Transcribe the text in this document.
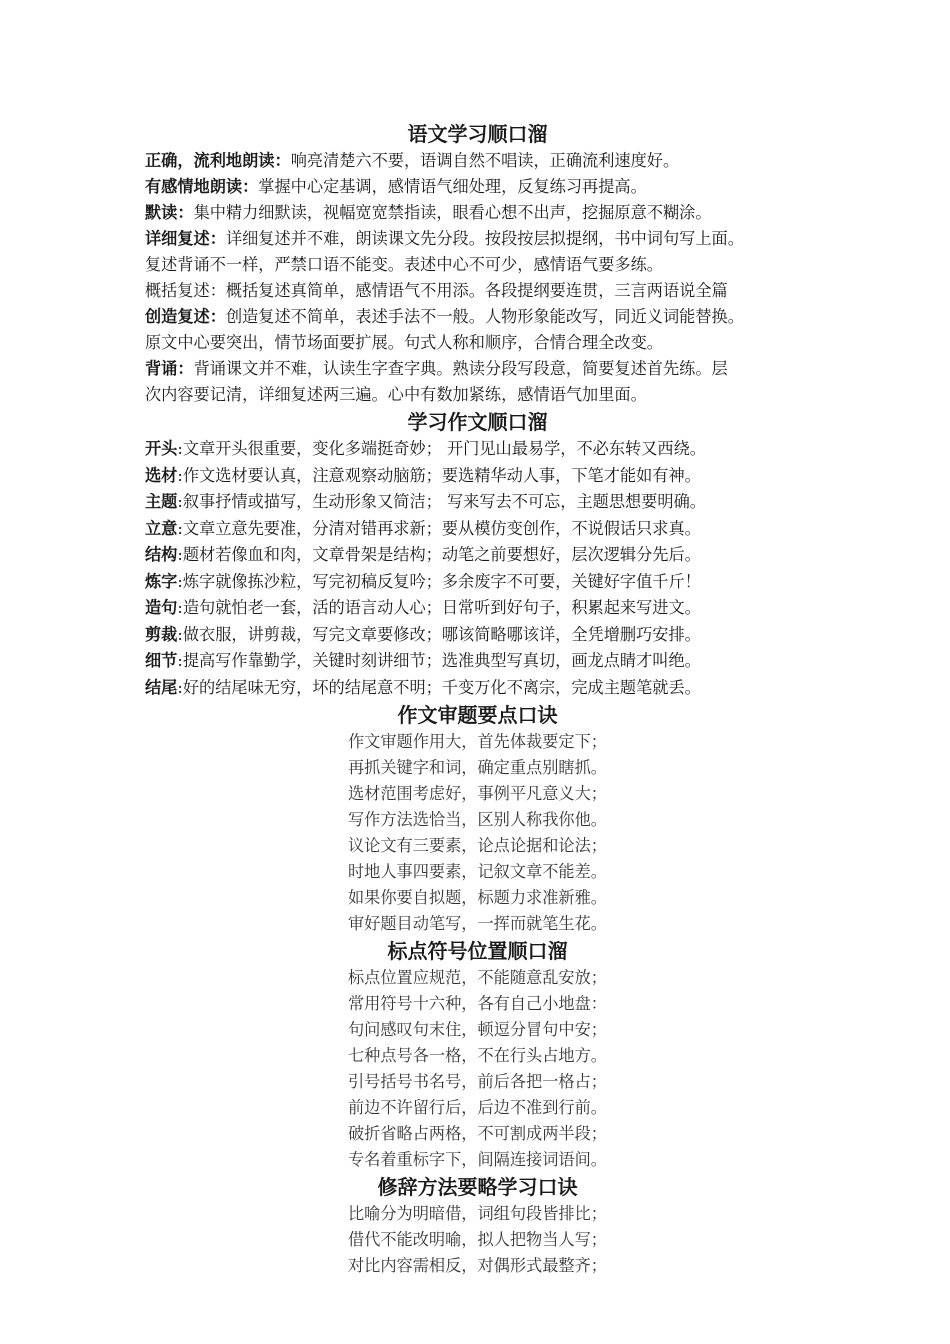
语文学习顺口溜
正确，流利地朗读：响亮清楚六不要，语调自然不唱读，正确流利速度好。
有感情地朗读：掌握中心定基调，感情语气细处理，反复练习再提高。
默读：集中精力细默读，视幅宽宽禁指读，眼看心想不出声，挖掘原意不糊涂。
详细复述：详细复述并不难，朗读课文先分段。按段按层拟提纲，书中词句写上面。
复述背诵不一样，严禁口语不能变。表述中心不可少，感情语气要多练。
概括复述：概括复述真简单，感情语气不用添。各段提纲要连贯，三言两语说全篇
创造复述：创造复述不简单，表述手法不一般。人物形象能改写，同近义词能替换。
原文中心要突出，情节场面要扩展。句式人称和顺序，合情合理全改变。
背诵：背诵课文并不难，认读生字查字典。熟读分段写段意，简要复述首先练。层
次内容要记清，详细复述两三遍。心中有数加紧练，感情语气加里面。
学习作文顺口溜
开头:文章开头很重要，变化多端挺奇妙； 开门见山最易学，不必东转又西绕。
选材:作文选材要认真，注意观察动脑筋；要选精华动人事，下笔才能如有神。
主题:叙事抒情或描写，生动形象又简洁； 写来写去不可忘，主题思想要明确。
立意:文章立意先要准，分清对错再求新；要从模仿变创作，不说假话只求真。
结构:题材若像血和肉，文章骨架是结构；动笔之前要想好，层次逻辑分先后。
炼字:炼字就像拣沙粒，写完初稿反复吟；多余废字不可要，关键好字值千斤！
造句:造句就怕老一套，活的语言动人心；日常听到好句子，积累起来写进文。
剪裁:做衣服，讲剪裁，写完文章要修改；哪该简略哪该详，全凭增删巧安排。
细节:提高写作靠勤学，关键时刻讲细节；选准典型写真切，画龙点睛才叫绝。
结尾:好的结尾味无穷，坏的结尾意不明；千变万化不离宗，完成主题笔就丢。
作文审题要点口诀
作文审题作用大，首先体裁要定下；
再抓关键字和词，确定重点别瞎抓。
选材范围考虑好，事例平凡意义大；
写作方法选恰当，区别人称我你他。
议论文有三要素，论点论据和论法；
时地人事四要素，记叙文章不能差。
如果你要自拟题，标题力求准新雅。
审好题目动笔写，一挥而就笔生花。
标点符号位置顺口溜
标点位置应规范，不能随意乱安放；
常用符号十六种，各有自己小地盘：
句问感叹句末住，顿逗分冒句中安；
七种点号各一格，不在行头占地方。
引号括号书名号，前后各把一格占；
前边不许留行后，后边不准到行前。
破折省略占两格，不可割成两半段；
专名着重标字下，间隔连接词语间。
修辞方法要略学习口诀
比喻分为明暗借，词组句段皆排比；
借代不能改明喻，拟人把物当人写；
对比内容需相反，对偶形式最整齐；
